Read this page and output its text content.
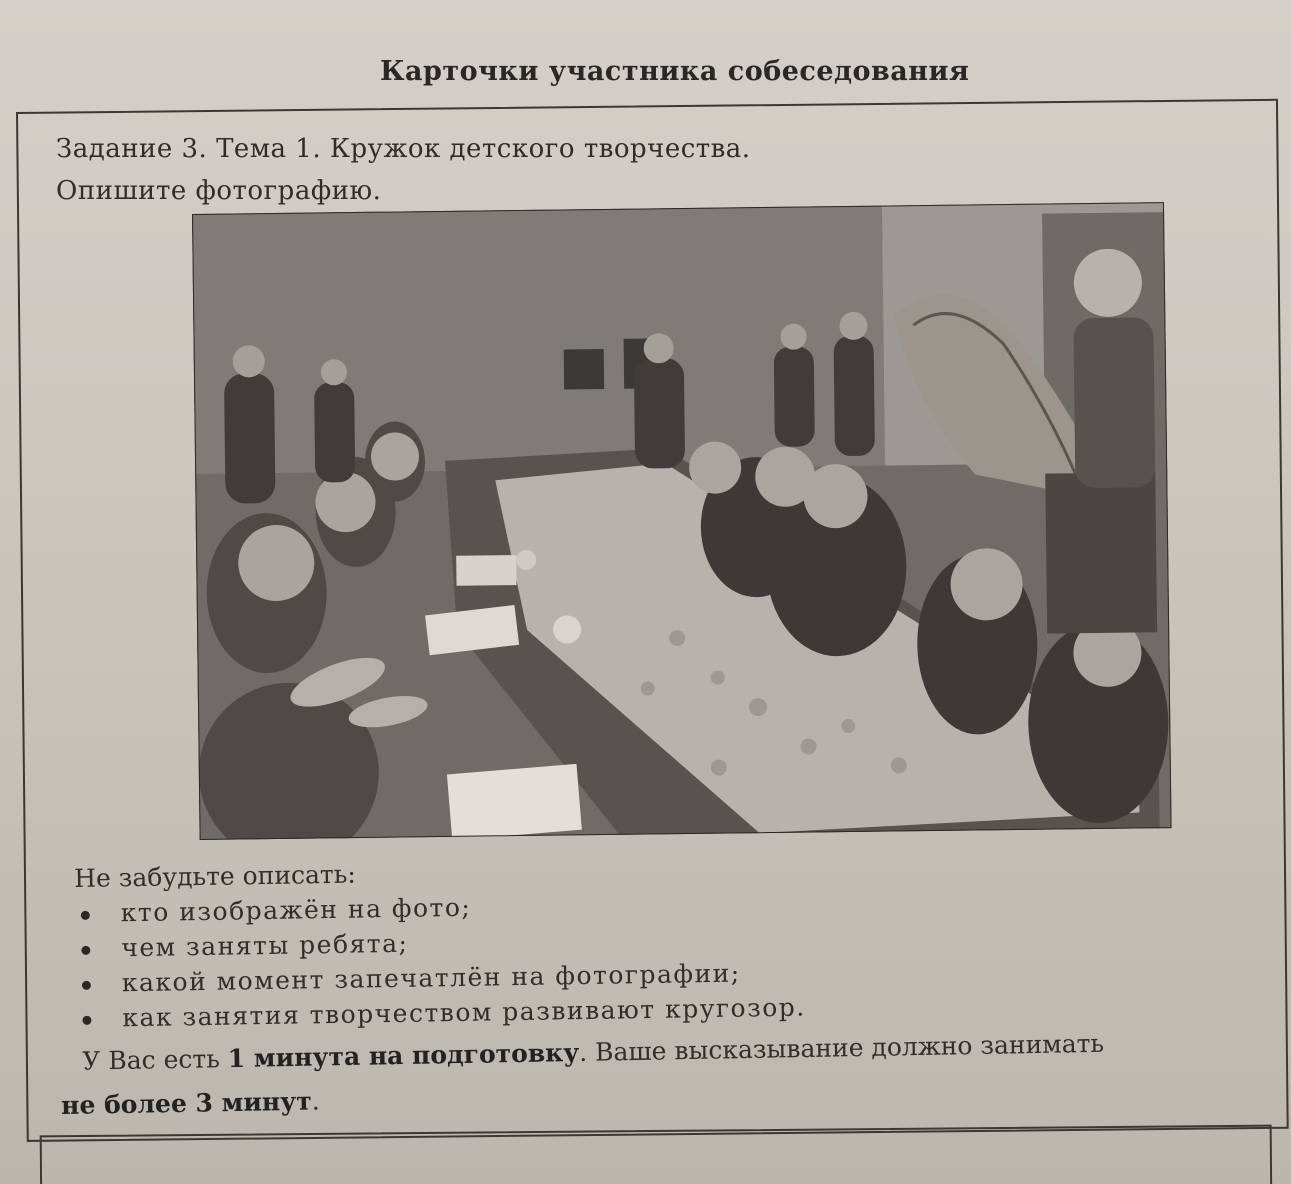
Карточки участника собеседования
Задание 3. Тема 1. Кружок детского творчества.
Опишите фотографию.

Не забудьте описать:

кто изображён на фото;
чем заняты ребята;
какой момент запечатлён на фотографии;
как занятия творчеством развивают кругозор.
У Вас есть 1 минута на подготовку. Ваше высказывание должно занимать
не более 3 минут.
